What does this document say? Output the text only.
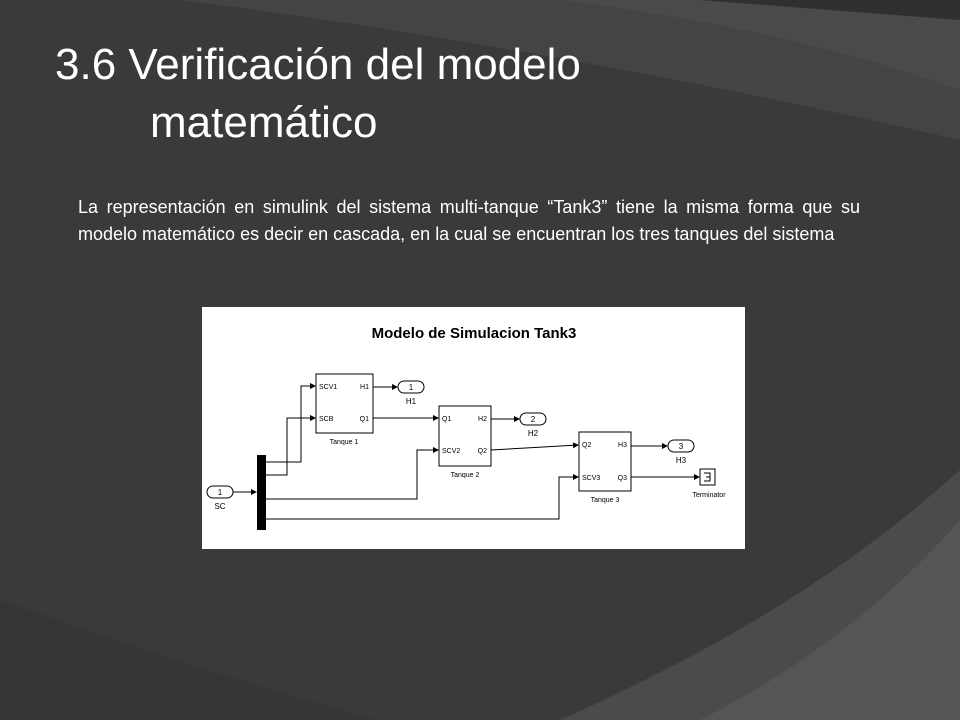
3.6 Verificación del modelo
matemático

La representación en simulink del sistema multi-tanque “Tank3” tiene la misma forma que su modelo matemático es decir en cascada, en la cual se encuentran los tres tanques del sistema

Modelo de Simulacion Tank3
1
SC
SCV1
SCB
H1
Q1
Tanque 1
Q1
SCV2
H2
Q2
Tanque 2
Q2
SCV3
H3
Q3
Tanque 3
1
H1
2
H2
3
H3
Terminator
